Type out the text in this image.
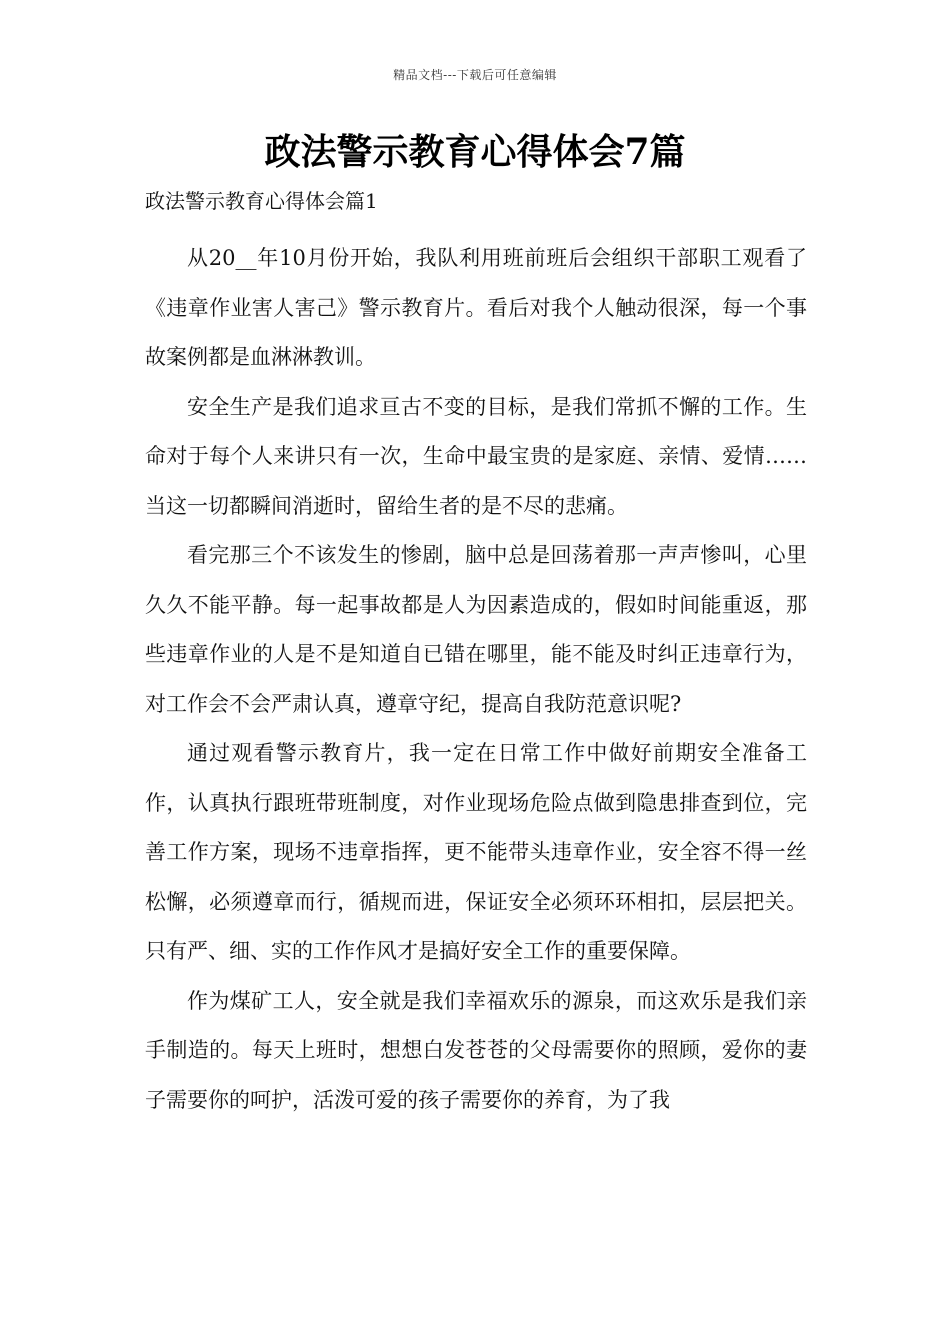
精品文档---下载后可任意编辑
政法警示教育心得体会7篇
政法警示教育心得体会篇1

从20__年10月份开始，我队利用班前班后会组织干部职工观看了《违章作业害人害己》警示教育片。看后对我个人触动很深，每一个事故案例都是血淋淋教训。

安全生产是我们追求亘古不变的目标，是我们常抓不懈的工作。生命对于每个人来讲只有一次，生命中最宝贵的是家庭、亲情、爱情……当这一切都瞬间消逝时，留给生者的是不尽的悲痛。

看完那三个不该发生的惨剧，脑中总是回荡着那一声声惨叫，心里久久不能平静。每一起事故都是人为因素造成的，假如时间能重返，那些违章作业的人是不是知道自已错在哪里，能不能及时纠正违章行为，对工作会不会严肃认真，遵章守纪，提高自我防范意识呢?

通过观看警示教育片，我一定在日常工作中做好前期安全准备工作，认真执行跟班带班制度，对作业现场危险点做到隐患排查到位，完善工作方案，现场不违章指挥，更不能带头违章作业，安全容不得一丝松懈，必须遵章而行，循规而进，保证安全必须环环相扣，层层把关。只有严、细、实的工作作风才是搞好安全工作的重要保障。

作为煤矿工人，安全就是我们幸福欢乐的源泉，而这欢乐是我们亲手制造的。每天上班时，想想白发苍苍的父母需要你的照顾，爱你的妻子需要你的呵护，活泼可爱的孩子需要你的养育，为了我
